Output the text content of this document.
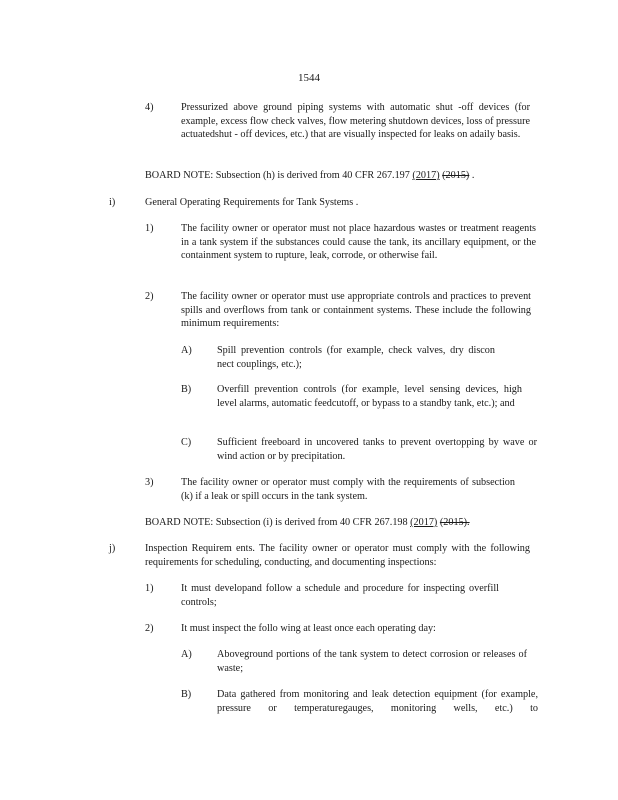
1544
4)	Pressurized above ground piping systems with automatic shut -off devices (for example, excess flow check valves, flow metering shutdown devices, loss of pressure actuatedshut - off devices, etc.) that are visually inspected for leaks on adaily basis.
BOARD NOTE: Subsection (h) is derived from 40 CFR 267.197 (2017) (2015) .
i)	General Operating Requirements for Tank Systems .
1)	The facility owner or operator must not place hazardous wastes or treatment reagents in a tank system if the substances could cause the tank, its ancillary equipment, or the containment system to rupture, leak, corrode, or otherwise fail.
2)	The facility owner or operator must use appropriate controls and practices to prevent spills and overflows from tank or containment systems. These include the following minimum requirements:
A) Spill prevention controls (for example, check valves, dry discon nect couplings, etc.);
B)	Overfill prevention controls (for example, level sensing devices, high level alarms, automatic feedcutoff, or bypass to a standby tank, etc.); and
C)	Sufficient freeboard in uncovered tanks to prevent overtopping by wave or wind action or by precipitation.
3)	The facility owner or operator must comply with the requirements of subsection (k) if a leak or spill occurs in the tank system.
BOARD NOTE: Subsection (i) is derived from 40 CFR 267.198 (2017) (2015).
j)	Inspection Requirem ents. The facility owner or operator must comply with the following requirements for scheduling, conducting, and documenting inspections:
1)	It must developand follow a schedule and procedure for inspecting overfill controls;
2)	It must inspect the follo wing at least once each operating day:
A) Aboveground portions of the tank system to detect corrosion or releases of waste;
B)	Data gathered from monitoring and leak detection equipment (for example, pressure or temperaturegauges, monitoring wells, etc.) to
